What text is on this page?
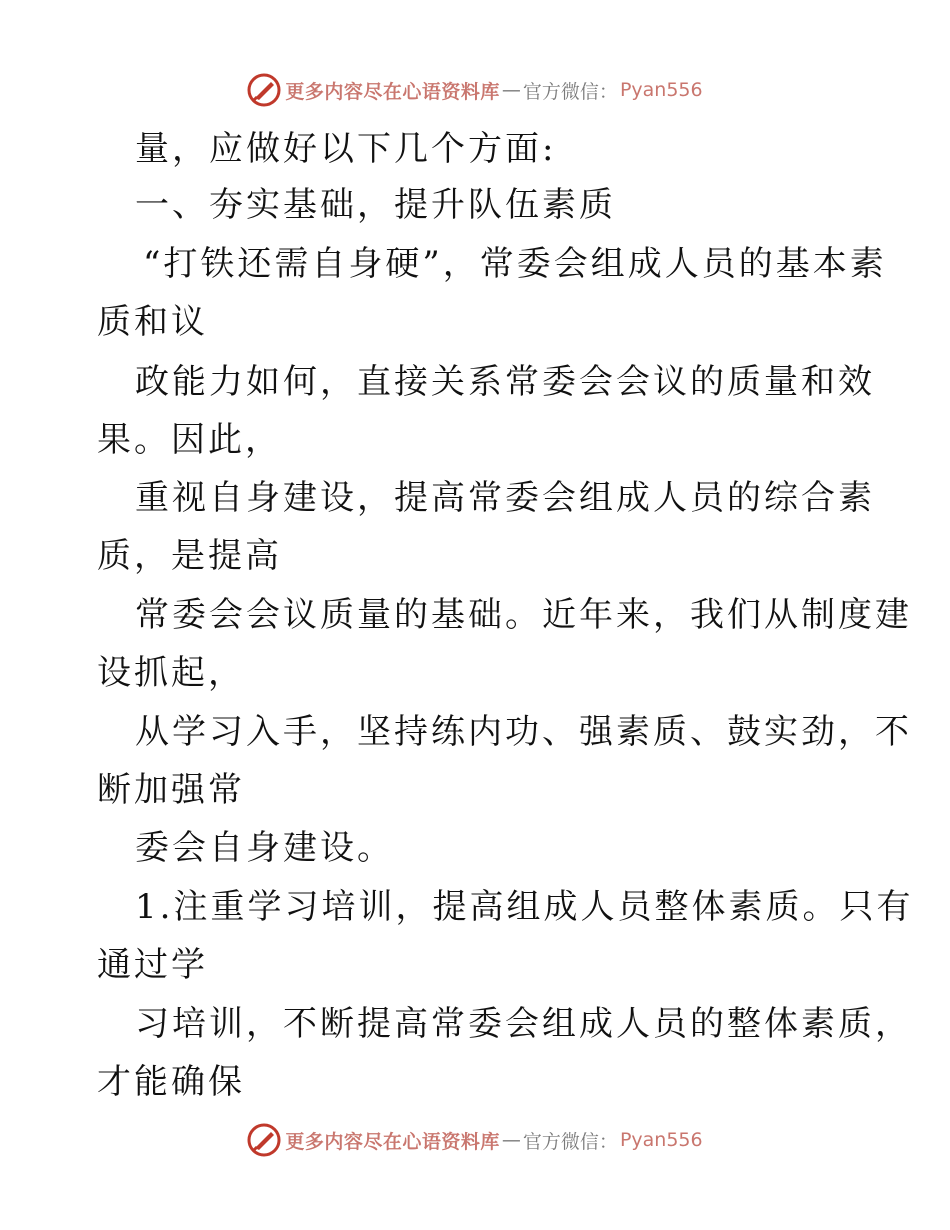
更多内容尽在心语资料库 — 官方微信： Pyan556
量，应做好以下几个方面:
一、夯实基础，提升队伍素质
“打铁还需自身硬”，常委会组成人员的基本素
质和议
政能力如何，直接关系常委会会议的质量和效
果。因此，
重视自身建设，提高常委会组成人员的综合素
质，是提高
常委会会议质量的基础。近年来，我们从制度建
设抓起，
从学习入手，坚持练内功、强素质、鼓实劲，不
断加强常
委会自身建设。
1.注重学习培训，提高组成人员整体素质。只有
通过学
习培训，不断提高常委会组成人员的整体素质，
才能确保
更多内容尽在心语资料库 — 官方微信： Pyan556
